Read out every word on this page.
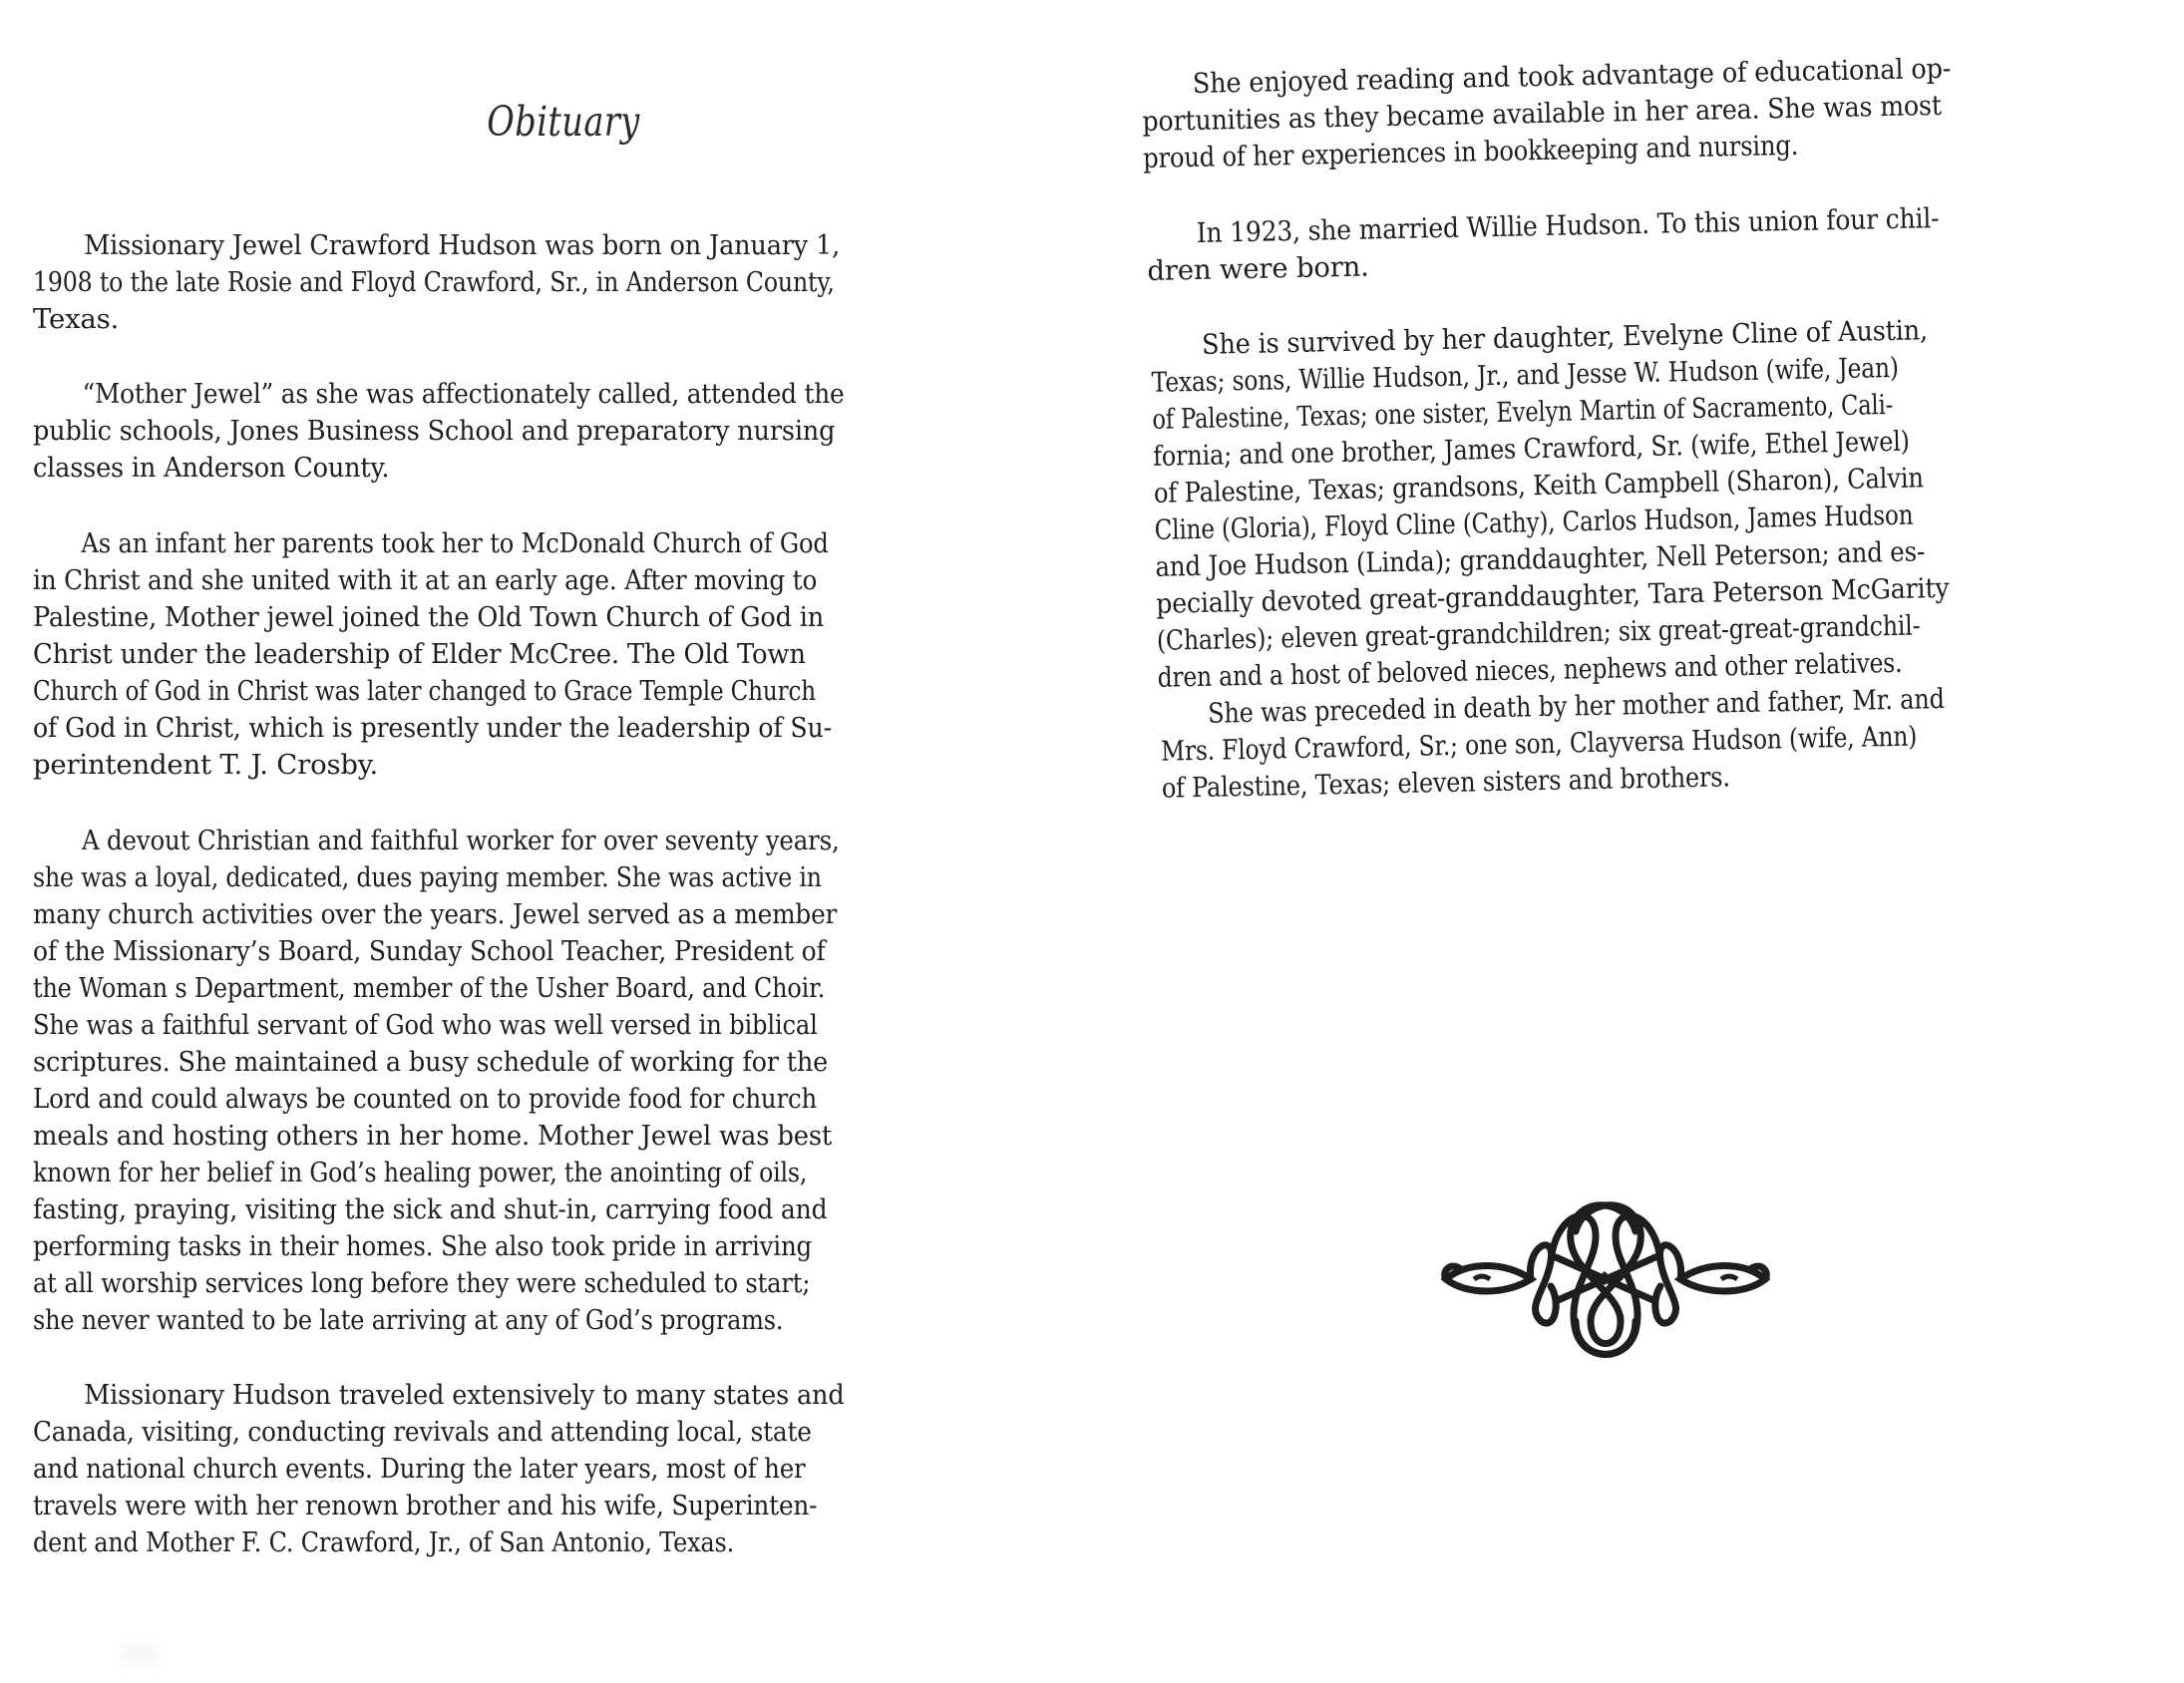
Obituary
Missionary Jewel Crawford Hudson was born on January 1,
1908 to the late Rosie and Floyd Crawford, Sr., in Anderson County,
Texas.
“Mother Jewel” as she was affectionately called, attended the
public schools, Jones Business School and preparatory nursing
classes in Anderson County.
As an infant her parents took her to McDonald Church of God
in Christ and she united with it at an early age. After moving to
Palestine, Mother jewel joined the Old Town Church of God in
Christ under the leadership of Elder McCree. The Old Town
Church of God in Christ was later changed to Grace Temple Church
of God in Christ, which is presently under the leadership of Su-
perintendent T. J. Crosby.
A devout Christian and faithful worker for over seventy years,
she was a loyal, dedicated, dues paying member. She was active in
many church activities over the years. Jewel served as a member
of the Missionary’s Board, Sunday School Teacher, President of
the Woman s Department, member of the Usher Board, and Choir.
She was a faithful servant of God who was well versed in biblical
scriptures. She maintained a busy schedule of working for the
Lord and could always be counted on to provide food for church
meals and hosting others in her home. Mother Jewel was best
known for her belief in God’s healing power, the anointing of oils,
fasting, praying, visiting the sick and shut-in, carrying food and
performing tasks in their homes. She also took pride in arriving
at all worship services long before they were scheduled to start;
she never wanted to be late arriving at any of God’s programs.
Missionary Hudson traveled extensively to many states and
Canada, visiting, conducting revivals and attending local, state
and national church events. During the later years, most of her
travels were with her renown brother and his wife, Superinten-
dent and Mother F. C. Crawford, Jr., of San Antonio, Texas.
She enjoyed reading and took advantage of educational op-
portunities as they became available in her area. She was most
proud of her experiences in bookkeeping and nursing.
In 1923, she married Willie Hudson. To this union four chil-
dren were born.
She is survived by her daughter, Evelyne Cline of Austin,
Texas; sons, Willie Hudson, Jr., and Jesse W. Hudson (wife, Jean)
of Palestine, Texas; one sister, Evelyn Martin of Sacramento, Cali-
fornia; and one brother, James Crawford, Sr. (wife, Ethel Jewel)
of Palestine, Texas; grandsons, Keith Campbell (Sharon), Calvin
Cline (Gloria), Floyd Cline (Cathy), Carlos Hudson, James Hudson
and Joe Hudson (Linda); granddaughter, Nell Peterson; and es-
pecially devoted great-granddaughter, Tara Peterson McGarity
(Charles); eleven great-grandchildren; six great-great-grandchil-
dren and a host of beloved nieces, nephews and other relatives.
She was preceded in death by her mother and father, Mr. and
Mrs. Floyd Crawford, Sr.; one son, Clayversa Hudson (wife, Ann)
of Palestine, Texas; eleven sisters and brothers.
